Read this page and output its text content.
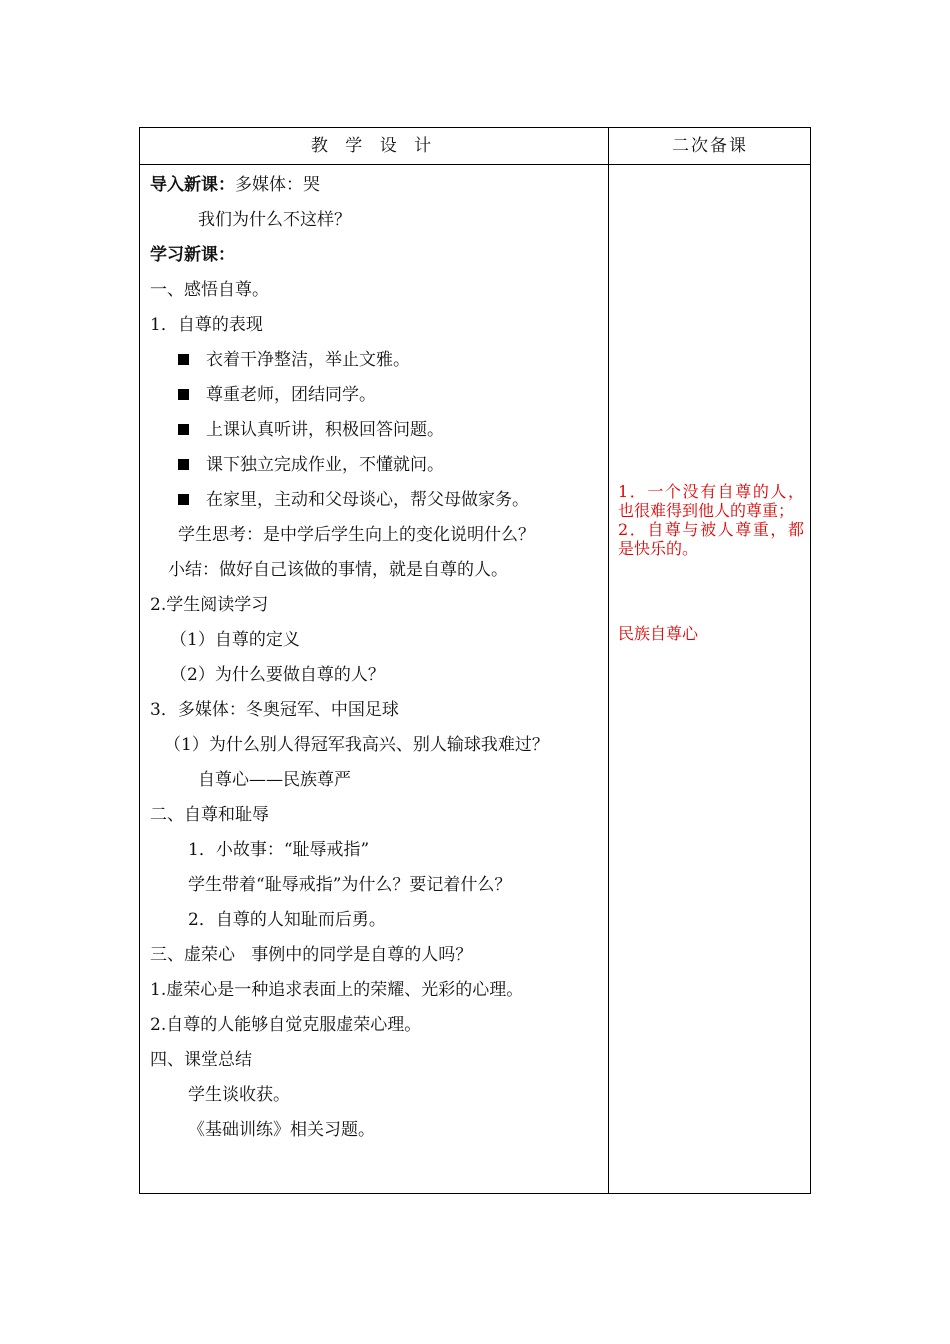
教 学 设 计	二次备课
导入新课：多媒体：哭
我们为什么不这样？
学习新课：
一、感悟自尊。
1．自尊的表现
衣着干净整洁，举止文雅。
尊重老师，团结同学。
上课认真听讲，积极回答问题。
课下独立完成作业，不懂就问。
在家里，主动和父母谈心，帮父母做家务。
学生思考：是中学后学生向上的变化说明什么？
小结：做好自己该做的事情，就是自尊的人。
2.学生阅读学习
（1）自尊的定义
（2）为什么要做自尊的人？
3．多媒体：冬奥冠军、中国足球
（1）为什么别人得冠军我高兴、别人输球我难过？
自尊心——民族尊严
二、自尊和耻辱
1．小故事：“耻辱戒指”
学生带着“耻辱戒指”为什么？要记着什么？
2．自尊的人知耻而后勇。
三、虚荣心   事例中的同学是自尊的人吗？
1.虚荣心是一种追求表面上的荣耀、光彩的心理。
2.自尊的人能够自觉克服虚荣心理。
四、课堂总结
学生谈收获。
《基础训练》相关习题。

1．一个没有自尊的人，也很难得到他人的尊重；

2．自尊与被人尊重，都是快乐的。

民族自尊心
